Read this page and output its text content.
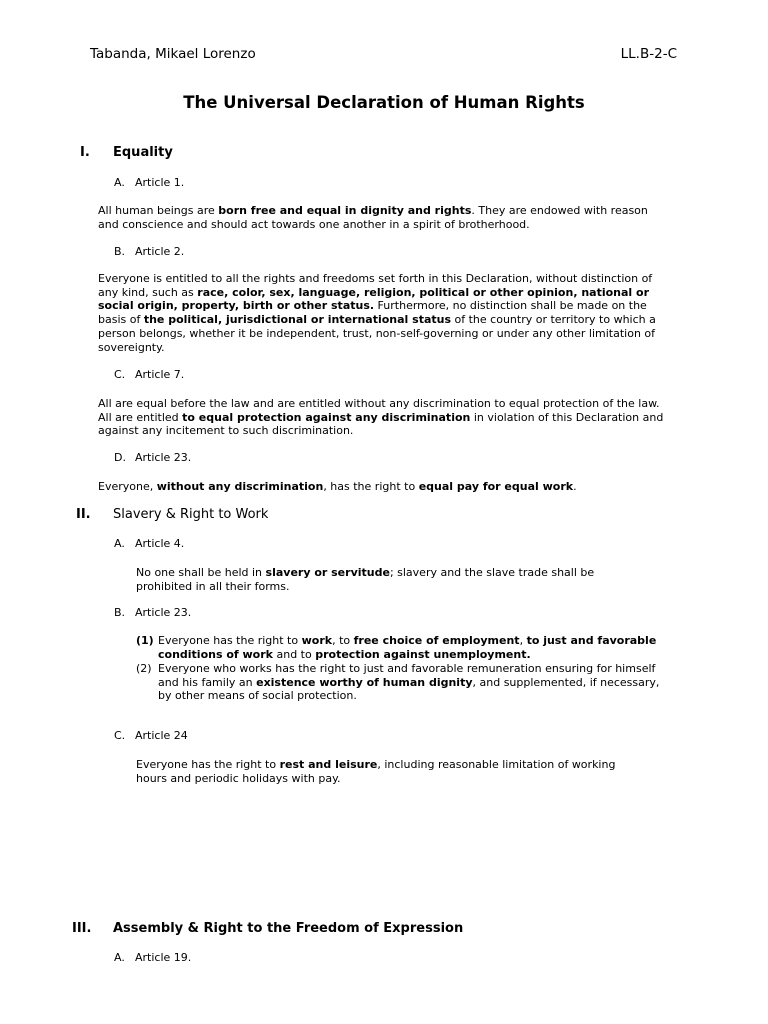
Tabanda, Mikael Lorenzo	LL.B-2-C
The Universal Declaration of Human Rights
I. Equality
A. Article 1.
All human beings are born free and equal in dignity and rights. They are endowed with reason and conscience and should act towards one another in a spirit of brotherhood.
B. Article 2.
Everyone is entitled to all the rights and freedoms set forth in this Declaration, without distinction of any kind, such as race, color, sex, language, religion, political or other opinion, national or social origin, property, birth or other status. Furthermore, no distinction shall be made on the basis of the political, jurisdictional or international status of the country or territory to which a person belongs, whether it be independent, trust, non-self-governing or under any other limitation of sovereignty.
C. Article 7.
All are equal before the law and are entitled without any discrimination to equal protection of the law. All are entitled to equal protection against any discrimination in violation of this Declaration and against any incitement to such discrimination.
D. Article 23.
Everyone, without any discrimination, has the right to equal pay for equal work.
II. Slavery & Right to Work
A. Article 4.
No one shall be held in slavery or servitude; slavery and the slave trade shall be prohibited in all their forms.
B. Article 23.
(1) Everyone has the right to work, to free choice of employment, to just and favorable conditions of work and to protection against unemployment.
(2) Everyone who works has the right to just and favorable remuneration ensuring for himself and his family an existence worthy of human dignity, and supplemented, if necessary, by other means of social protection.
C. Article 24
Everyone has the right to rest and leisure, including reasonable limitation of working hours and periodic holidays with pay.
III. Assembly & Right to the Freedom of Expression
A. Article 19.
